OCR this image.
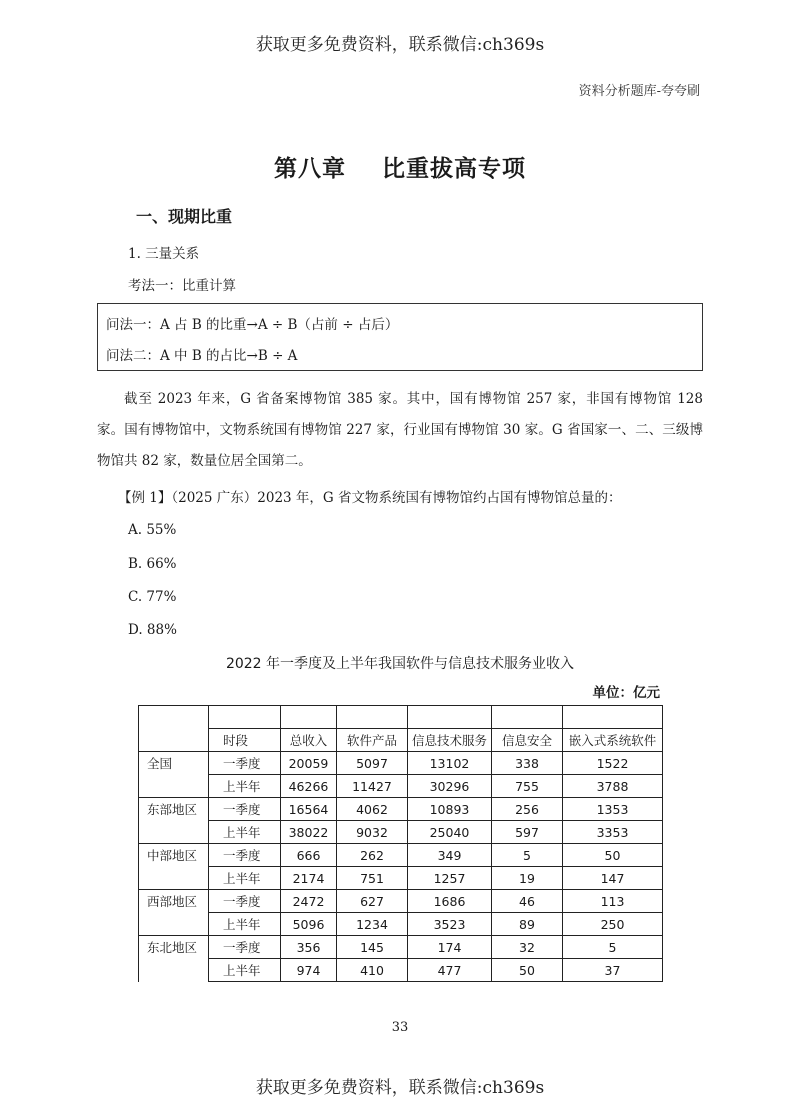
获取更多免费资料，联系微信:ch369s
资料分析题库-夸夸刷
第八章    比重拔高专项
一、现期比重
1. 三量关系
考法一：比重计算
问法一：A 占 B 的比重→A ÷ B（占前 ÷ 占后）
问法二：A 中 B 的占比→B ÷ A
截至 2023 年来，G 省备案博物馆 385 家。其中，国有博物馆 257 家，非国有博物馆 128 家。国有博物馆中，文物系统国有博物馆 227 家，行业国有博物馆 30 家。G 省国家一、二、三级博物馆共 82 家，数量位居全国第二。
【例 1】（2025 广东）2023 年，G 省文物系统国有博物馆约占国有博物馆总量的：
A. 55%
B. 66%
C. 77%
D. 88%
2022 年一季度及上半年我国软件与信息技术服务业收入
单位：亿元

	时段	总收入	软件产品	信息技术服务	信息安全	嵌入式系统软件
全国	一季度	20059	5097	13102	338	1522
	上半年	46266	11427	30296	755	3788
东部地区	一季度	16564	4062	10893	256	1353
	上半年	38022	9032	25040	597	3353
中部地区	一季度	666	262	349	5	50
	上半年	2174	751	1257	19	147
西部地区	一季度	2472	627	1686	46	113
	上半年	5096	1234	3523	89	250
东北地区	一季度	356	145	174	32	5
	上半年	974	410	477	50	37
33
获取更多免费资料，联系微信:ch369s
